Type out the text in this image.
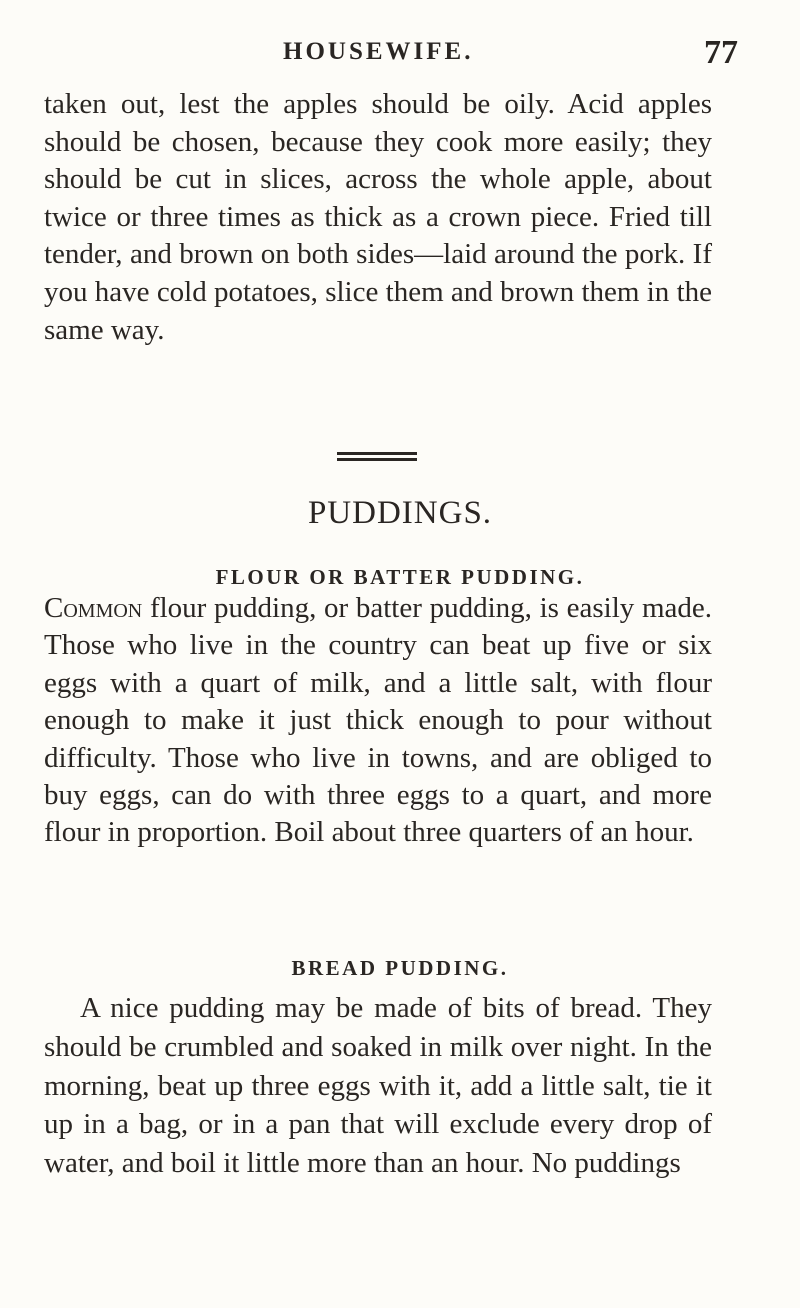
HOUSEWIFE.	77

taken out, lest the apples should be oily. Acid apples should be chosen, because they cook more easily; they should be cut in slices, across the whole apple, about twice or three times as thick as a crown piece. Fried till tender, and brown on both sides—laid around the pork. If you have cold potatoes, slice them and brown them in the same way.

PUDDINGS.
FLOUR OR BATTER PUDDING.

Common flour pudding, or batter pudding, is easily made. Those who live in the country can beat up five or six eggs with a quart of milk, and a little salt, with flour enough to make it just thick enough to pour without difficulty. Those who live in towns, and are obliged to buy eggs, can do with three eggs to a quart, and more flour in proportion. Boil about three quarters of an hour.

BREAD PUDDING.

A nice pudding may be made of bits of bread. They should be crumbled and soaked in milk over night. In the morning, beat up three eggs with it, add a little salt, tie it up in a bag, or in a pan that will exclude every drop of water, and boil it little more than an hour. No puddings
